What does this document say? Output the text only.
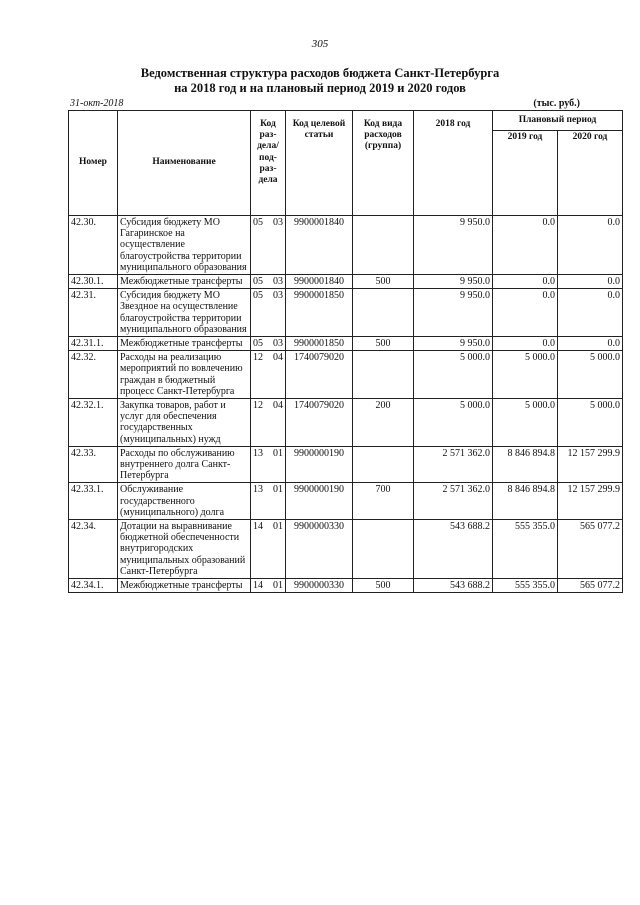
305
Ведомственная структура расходов бюджета Санкт-Петербурга
на 2018 год и на плановый период 2019 и 2020 годов
31-окт-2018	(тыс. руб.)
Номер	Наименование	Код раз-дела/ под-раз-дела		Код целевой статьи	Код вида расходов (группа)	2018 год	Плановый период	
							2019 год	2020 год
42.30.	Субсидия бюджету МО Гагаринское на осуществление благоустройства территории муниципального образования	05	03	9900001840		9 950.0	0.0	0.0
42.30.1.	Межбюджетные трансферты	05	03	9900001840	500	9 950.0	0.0	0.0
42.31.	Субсидия бюджету МО Звездное на осуществление благоустройства территории муниципального образования	05	03	9900001850		9 950.0	0.0	0.0
42.31.1.	Межбюджетные трансферты	05	03	9900001850	500	9 950.0	0.0	0.0
42.32.	Расходы на реализацию мероприятий по вовлечению граждан в бюджетный процесс Санкт-Петербурга	12	04	1740079020		5 000.0	5 000.0	5 000.0
42.32.1.	Закупка товаров, работ и услуг для обеспечения государственных (муниципальных) нужд	12	04	1740079020	200	5 000.0	5 000.0	5 000.0
42.33.	Расходы по обслуживанию внутреннего долга Санкт-Петербурга	13	01	9900000190		2 571 362.0	8 846 894.8	12 157 299.9
42.33.1.	Обслуживание государственного (муниципального) долга	13	01	9900000190	700	2 571 362.0	8 846 894.8	12 157 299.9
42.34.	Дотации на выравнивание бюджетной обеспеченности внутригородских муниципальных образований Санкт-Петербурга	14	01	9900000330		543 688.2	555 355.0	565 077.2
42.34.1.	Межбюджетные трансферты	14	01	9900000330	500	543 688.2	555 355.0	565 077.2
